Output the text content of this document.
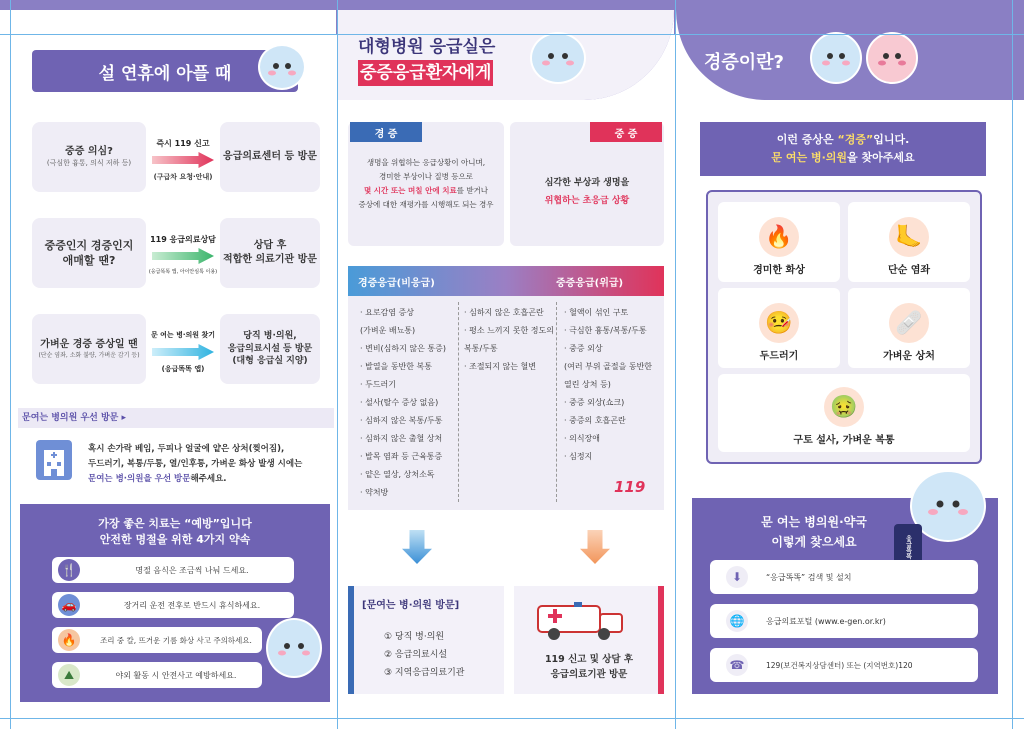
설 연휴에 아플 때
중증 의심?
(극심한 흉통, 의식 저하 등)
즉시 119 신고
(구급차 요청·안내)
응급의료센터 등 방문
중증인지 경증인지
애매할 땐?
119 응급의료상담
(응급똑똑 앱, 아이안심톡 이용)
상담 후
적합한 의료기관 방문
가벼운 경증 증상일 땐
(단순 염좌, 소화 불량, 가벼운 감기 등)
문 여는 병·의원 찾기
(응급똑똑 앱)
당직 병·의원,
응급의료시설 등 방문
(대형 응급실 지양)
문여는 병의원 우선 방문 ▸
혹시 손가락 베임, 두피나 얼굴에 얕은 상처(찢어짐),
두드러기, 복통/두통, 열/인후통, 가벼운 화상 발생 시에는
문여는 병·의원을 우선 방문해주세요.
가장 좋은 치료는 “예방”입니다
안전한 명절을 위한 4가지 약속
🍴	명절 음식은 조금씩 나눠 드세요.
🚗	장거리 운전 전후로 반드시 휴식하세요.
🔥	조리 중 칼, 뜨거운 기름 화상 사고 주의하세요.
⛰	야외 활동 시 안전사고 예방하세요.
대형병원 응급실은
중증응급환자에게
경 증
생명을 위협하는 응급상황이 아니며,
경미한 부상이나 질병 등으로
몇 시간 또는 며칠 안에 치료를 받거나
증상에 대한 재평가를 시행해도 되는 경우
중 증
심각한 부상과 생명을
위협하는 초응급 상황
경증응급(비응급)	중증응급(위급)
· 요로감염 증상
(가벼운 배뇨통)
· 변비(심하지 않은 통증)
· 발열을 동반한 복통
· 두드러기
· 설사(탈수 증상 없음)
· 심하지 않은 복통/두통
· 심하지 않은 출혈 상처
· 발목 염좌 등 근육통증
· 얕은 열상, 상처소독
· 약처방
· 심하지 않은 호흡곤란
· 평소 느끼지 못한 정도의
복통/두통
· 조절되지 않는 혈변
· 혈액이 섞인 구토
· 극심한 흉통/복통/두통
· 중증 외상
(여러 부위 골절을 동반한
열린 상처 등)
· 중증 외상(쇼크)
· 중증의 호흡곤란
· 의식장애
· 심정지
119
[문여는 병·의원 방문]
① 당직 병·의원
② 응급의료시설
③ 지역응급의료기관
119 신고 및 상담 후
응급의료기관 방문
경증이란?
이런 증상은 “경증”입니다.
문 여는 병·의원을 찾아주세요
🔥
경미한 화상
🦶
단순 염좌
🤒
두드러기
🩹
가벼운 상처
🤢
구토 설사, 가벼운 복통
문 여는 병의원·약국
이렇게 찾으세요	응급똑똑
⬇	“응급똑똑” 검색 및 설치
🌐	응급의료포털 (www.e-gen.or.kr)
☎	129(보건복지상담센터) 또는 (지역번호)120
